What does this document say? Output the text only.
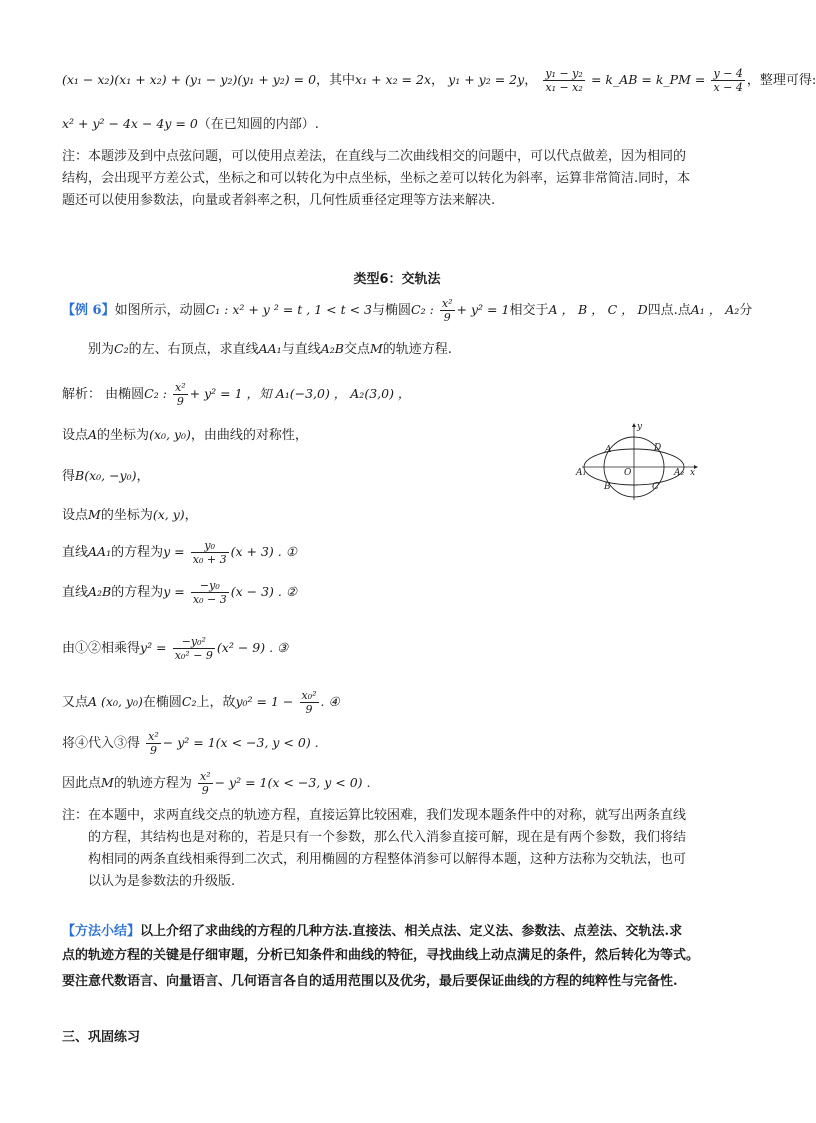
(x₁ − x₂)(x₁ + x₂) + (y₁ − y₂)(y₁ + y₂) = 0，其中x₁ + x₂ = 2x， y₁ + y₂ = 2y， $\frac{\text{y₁ − y₂}}{\text{x₁ − x₂}}$ = k_AB = k_PM = $\frac{y - 4}{x - 4}$ ，整理可得:
x² + y² − 4x − 4y = 0（在已知圆的内部）.
注：本题涉及到中点弦问题，可以使用点差法，在直线与二次曲线相交的问题中，可以代点做差，因为相同的
结构，会出现平方差公式，坐标之和可以转化为中点坐标，坐标之差可以转化为斜率，运算非常简洁.同时，本
题还可以使用参数法，向量或者斜率之积，几何性质垂径定理等方法来解决.
类型6：交轨法
【例 6】如图所示，动圆C₁ : x² + y ² = t , 1 < t < 3与椭圆C₂ : $\frac{\text{x²}}{9} + y^2 = 1$相交于A ， B ， C ， D四点.点A₁ ， A₂分
别为C₂的左、右顶点，求直线AA₁与直线A₂B交点M的轨迹方程.
解析： 由椭圆C₂ : $\frac{\text{x²}}{9} + y^2 = 1$ ，知 A₁(−3,0) ， A₂(3,0) ，
设点A的坐标为(x₀, y₀)，由曲线的对称性，
得B(x₀, −y₀)，
设点M的坐标为(x, y)，
直线AA₁的方程为$y = \frac{\text{y₀}}{\text{x₀ + 3}} (x + 3)$ . ①
直线A₂B的方程为$y = \frac{\text{−y₀}}{\text{x₀ − 3}} (x - 3)$ . ②
由①②相乘得$y^2 = \frac{\text{−y₀²}}{\text{x₀² − 9}} (x^2 - 9)$ . ③
又点A (x₀, y₀)在椭圆C₂上，故$y_0^2 = 1 - \frac{\text{x₀²}}{9}$ . ④
将④代入③得 $\frac{\text{x²}}{9} - y^2 = 1(x < -3$, y < 0) .
因此点M的轨迹方程为 $\frac{\text{x²}}{9} - y^2 = 1(x < -3$, y < 0) .
注：在本题中，求两直线交点的轨迹方程，直接运算比较困难，我们发现本题条件中的对称，就写出两条直线
的方程，其结构也是对称的，若是只有一个参数，那么代入消参直接可解，现在是有两个参数，我们将结
构相同的两条直线相乘得到二次式，利用椭圆的方程整体消参可以解得本题，这种方法称为交轨法，也可
以认为是参数法的升级版.
【方法小结】以上介绍了求曲线的方程的几种方法.直接法、相关点法、定义法、参数法、点差法、交轨法.求
点的轨迹方程的关键是仔细审题，分析已知条件和曲线的特征，寻找曲线上动点满足的条件，然后转化为等式。
要注意代数语言、向量语言、几何语言各自的适用范围以及优劣，最后要保证曲线的方程的纯粹性与完备性.
三、巩固练习
y
x
A	D
A₁	O	A₂
B	C
